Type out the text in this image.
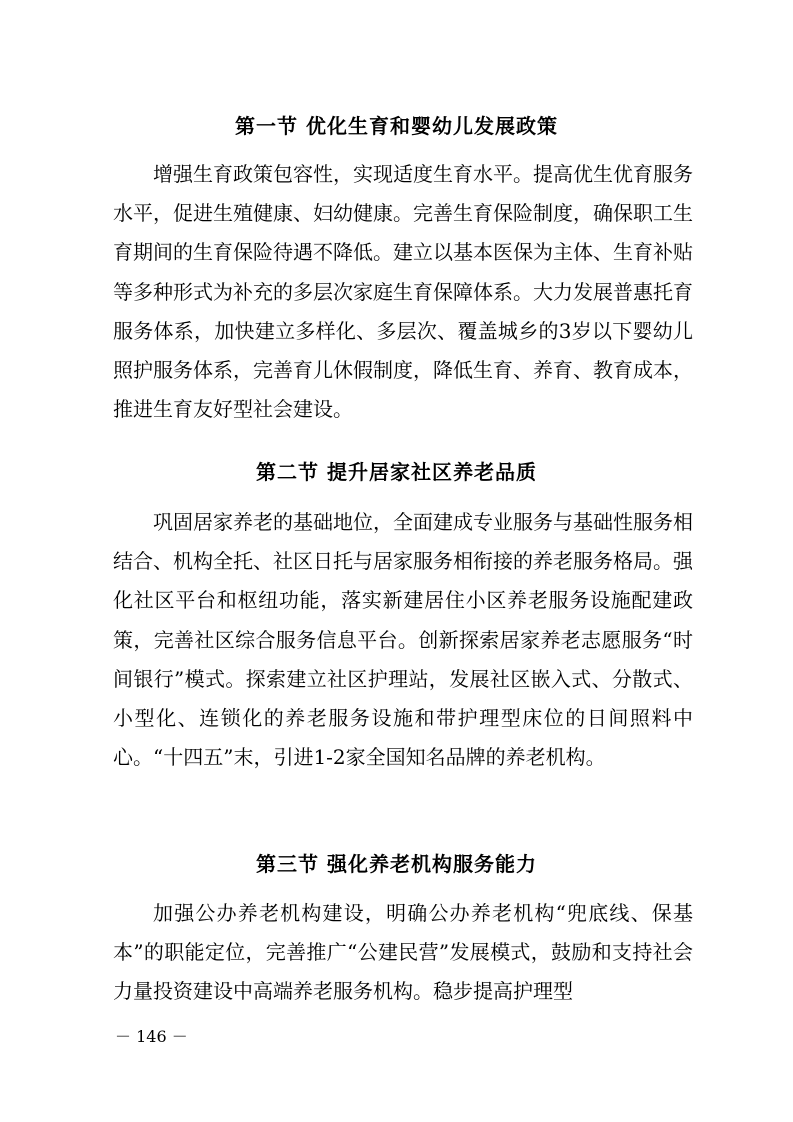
第一节 优化生育和婴幼儿发展政策

增强生育政策包容性，实现适度生育水平。提高优生优育服务水平，促进生殖健康、妇幼健康。完善生育保险制度，确保职工生育期间的生育保险待遇不降低。建立以基本医保为主体、生育补贴等多种形式为补充的多层次家庭生育保障体系。大力发展普惠托育服务体系，加快建立多样化、多层次、覆盖城乡的3岁以下婴幼儿照护服务体系，完善育儿休假制度，降低生育、养育、教育成本，推进生育友好型社会建设。

第二节 提升居家社区养老品质

巩固居家养老的基础地位，全面建成专业服务与基础性服务相结合、机构全托、社区日托与居家服务相衔接的养老服务格局。强化社区平台和枢纽功能，落实新建居住小区养老服务设施配建政策，完善社区综合服务信息平台。创新探索居家养老志愿服务“时间银行”模式。探索建立社区护理站，发展社区嵌入式、分散式、小型化、连锁化的养老服务设施和带护理型床位的日间照料中心。“十四五”末，引进1-2家全国知名品牌的养老机构。

第三节 强化养老机构服务能力

加强公办养老机构建设，明确公办养老机构“兜底线、保基本”的职能定位，完善推广“公建民营”发展模式，鼓励和支持社会力量投资建设中高端养老服务机构。稳步提高护理型

－ 146 －
